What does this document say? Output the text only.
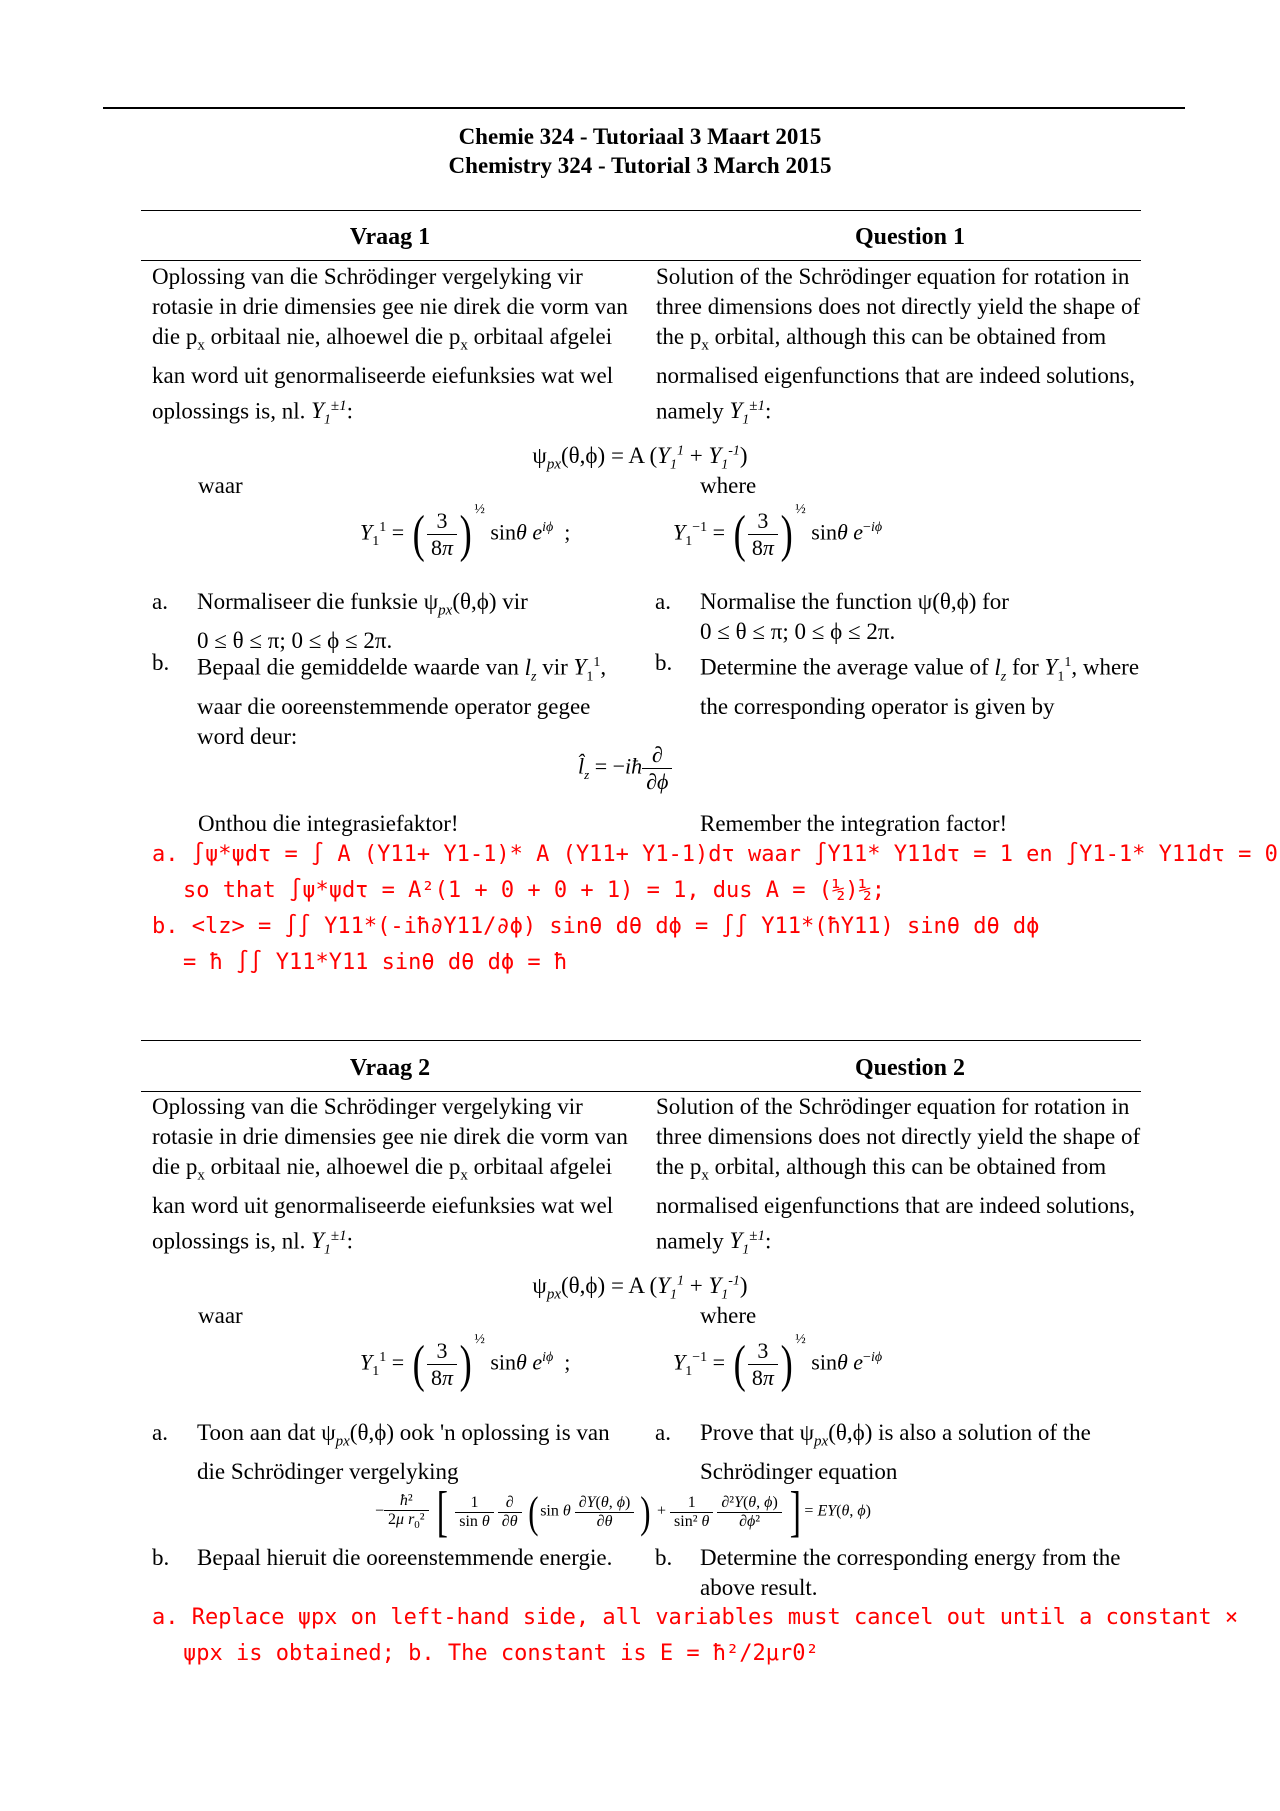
Chemie 324 - Tutoriaal 3 Maart 2015
Chemistry 324 - Tutorial 3 March 2015
Vraag 1	Question 1
Oplossing van die Schrödinger vergelyking vir rotasie in drie dimensies gee nie direk die vorm van die $p_x$ orbitaal nie, alhoewel die $p_x$ orbitaal afgelei kan word uit genormaliseerde eiefunksies wat wel oplossings is, nl. $Y_1^{\pm 1}$:
Solution of the Schrödinger equation for rotation in three dimensions does not directly yield the shape of the $p_x$ orbital, although this can be obtained from normalised eigenfunctions that are indeed solutions, namely $Y_1^{\pm 1}$:
$\psi_{px}(\theta,\phi) = A$ $(Y_1^1 + Y_1^{-1})$
waar	where
$Y_1^1$ = ( $\frac{3}{8\pi}$ ) $^{\frac{1}{2}}$ sinθ $e^{i\phi}$  ;	$Y_1^{-1}$ = ( $\frac{3}{8\pi}$ ) $^{\frac{1}{2}}$ sinθ $e^{-i\phi}$
a. Normaliseer die funksie $\psi_{px}(\theta,\phi)$ vir
0 ≤ θ ≤ π; 0 ≤ ϕ ≤ 2π.
a. Normalise the function ψ(θ,ϕ) for
0 ≤ θ ≤ π; 0 ≤ ϕ ≤ 2π.
b. Bepaal die gemiddelde waarde van $l_z$ vir $Y_1^1$, waar die ooreenstemmende operator gegee word deur:
b. Determine the average value of $l_z$ for $Y_1^1$, where the corresponding operator is given by
$l̂_z$ = −iħ $\frac{\partial}{\partial\phi}$
Onthou die integrasiefaktor!	Remember the integration factor!
a. ∫ψ*ψdτ = ∫ A (Y11+ Y1-1)* A (Y11+ Y1-1)dτ waar ∫Y11* Y11dτ = 1 en ∫Y1-1* Y11dτ = 0
so that ∫ψ*ψdτ = A²(1 + 0 + 0 + 1) = 1, dus A = (½)½;
b. <lz> = ∫∫ Y11*(-iħ∂Y11/∂ϕ) sinθ dθ dϕ = ∫∫ Y11*(ħY11) sinθ dθ dϕ
= ħ ∫∫ Y11*Y11 sinθ dθ dϕ = ħ
Vraag 2	Question 2
Oplossing van die Schrödinger vergelyking vir rotasie in drie dimensies gee nie direk die vorm van die $p_x$ orbitaal nie, alhoewel die $p_x$ orbitaal afgelei kan word uit genormaliseerde eiefunksies wat wel oplossings is, nl. $Y_1^{\pm 1}$:
Solution of the Schrödinger equation for rotation in three dimensions does not directly yield the shape of the $p_x$ orbital, although this can be obtained from normalised eigenfunctions that are indeed solutions, namely $Y_1^{\pm 1}$:
$\psi_{px}(\theta,\phi) = A$ $(Y_1^1 + Y_1^{-1})$
waar	where
$Y_1^1$ = ( $\frac{3}{8\pi}$ ) $^{\frac{1}{2}}$ sinθ $e^{i\phi}$  ;	$Y_1^{-1}$ = ( $\frac{3}{8\pi}$ ) $^{\frac{1}{2}}$ sinθ $e^{-i\phi}$
a. Toon aan dat $\psi_{px}(\theta,\phi)$ ook 'n oplossing is van die Schrödinger vergelyking
a. Prove that $\psi_{px}(\theta,\phi)$ is also a solution of the Schrödinger equation
− $\frac{\text{ħ²}}{2\mu r_0^2}$ [ $\frac{1}{\text{sin θ}}$
$\frac{\partial}{\partial\theta}$ ( sin θ $\frac{\partial Y(\theta, \phi)}{\partial\theta}$ ) + $\frac{1}{\text{sin² θ}}$
$\frac{\text{∂²Y(θ, ϕ)}}{\text{∂ϕ²}}$ ] = EY(θ, ϕ)
b. Bepaal hieruit die ooreenstemmende energie.	b. Determine the corresponding energy from the above result.
a. Replace ψpx on left-hand side, all variables must cancel out until a constant ×
ψpx is obtained; b. The constant is E = ħ²/2μr0²
